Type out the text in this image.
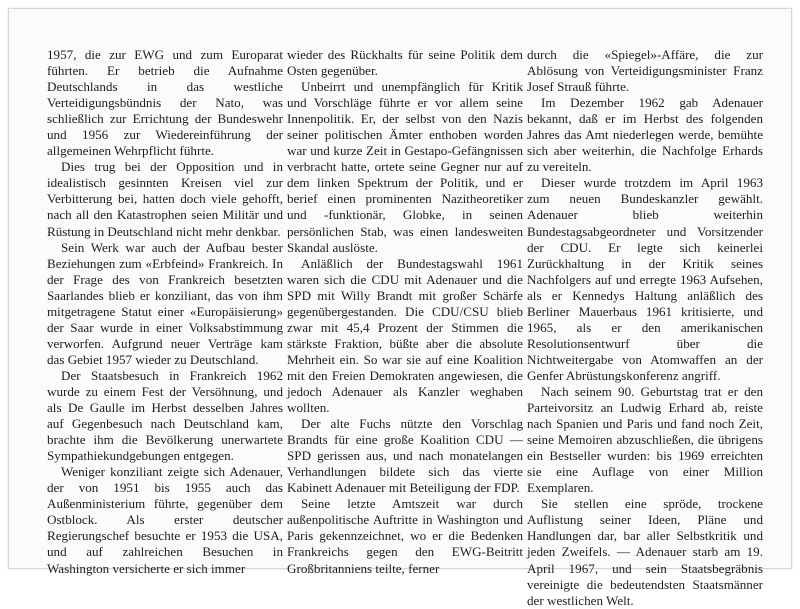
1957, die zur EWG und zum Europarat führten. Er betrieb die Aufnahme Deutschlands in das westliche Verteidigungsbündnis der Nato, was schließlich zur Errichtung der Bundeswehr und 1956 zur Wiedereinführung der allgemeinen Wehrpflicht führte.

Dies trug bei der Opposition und in idealistisch gesinnten Kreisen viel zur Verbitterung bei, hatten doch viele gehofft, nach all den Katastrophen seien Militär und Rüstung in Deutschland nicht mehr denkbar.

Sein Werk war auch der Aufbau bester Beziehungen zum «Erbfeind» Frankreich. In der Frage des von Frankreich besetzten Saarlandes blieb er konziliant, das von ihm mitgetragene Statut einer «Europäisierung» der Saar wurde in einer Volksabstimmung verworfen. Aufgrund neuer Verträge kam das Gebiet 1957 wieder zu Deutschland.

Der Staatsbesuch in Frankreich 1962 wurde zu einem Fest der Versöhnung, und als De Gaulle im Herbst desselben Jahres auf Gegenbesuch nach Deutschland kam, brachte ihm die Bevölkerung unerwartete Sympathiekundgebungen entgegen.

Weniger konziliant zeigte sich Adenauer, der von 1951 bis 1955 auch das Außenministerium führte, gegenüber dem Ostblock. Als erster deutscher Regierungschef besuchte er 1953 die USA, und auf zahlreichen Besuchen in Washington versicherte er sich immer

wieder des Rückhalts für seine Politik dem Osten gegenüber.

Unbeirrt und unempfänglich für Kritik und Vorschläge führte er vor allem seine Innenpolitik. Er, der selbst von den Nazis seiner politischen Ämter enthoben worden war und kurze Zeit in Gestapo-Gefängnissen verbracht hatte, ortete seine Gegner nur auf dem linken Spektrum der Politik, und er berief einen prominenten Nazitheoretiker und -funktionär, Globke, in seinen persönlichen Stab, was einen landesweiten Skandal auslöste.

Anläßlich der Bundestagswahl 1961 waren sich die CDU mit Adenauer und die SPD mit Willy Brandt mit großer Schärfe gegenübergestanden. Die CDU/CSU blieb zwar mit 45,4 Prozent der Stimmen die stärkste Fraktion, büßte aber die absolute Mehrheit ein. So war sie auf eine Koalition mit den Freien Demokraten angewiesen, die jedoch Adenauer als Kanzler weghaben wollten.

Der alte Fuchs nützte den Vorschlag Brandts für eine große Koalition CDU — SPD gerissen aus, und nach monatelangen Verhandlungen bildete sich das vierte Kabinett Adenauer mit Beteiligung der FDP.

Seine letzte Amtszeit war durch außenpolitische Auftritte in Washington und Paris gekennzeichnet, wo er die Bedenken Frankreichs gegen den EWG-Beitritt Großbritanniens teilte, ferner

durch die «Spiegel»-Affäre, die zur Ablösung von Verteidigungsminister Franz Josef Strauß führte.

Im Dezember 1962 gab Adenauer bekannt, daß er im Herbst des folgenden Jahres das Amt niederlegen werde, bemühte sich aber weiterhin, die Nachfolge Erhards zu vereiteln.

Dieser wurde trotzdem im April 1963 zum neuen Bundeskanzler gewählt. Adenauer blieb weiterhin Bundestagsabgeordneter und Vorsitzender der CDU. Er legte sich keinerlei Zurückhaltung in der Kritik seines Nachfolgers auf und erregte 1963 Aufsehen, als er Kennedys Haltung anläßlich des Berliner Mauerbaus 1961 kritisierte, und 1965, als er den amerikanischen Resolutionsentwurf über die Nichtweitergabe von Atomwaffen an der Genfer Abrüstungskonferenz angriff.

Nach seinem 90. Geburtstag trat er den Parteivorsitz an Ludwig Erhard ab, reiste nach Spanien und Paris und fand noch Zeit, seine Memoiren abzuschließen, die übrigens ein Bestseller wurden: bis 1969 erreichten sie eine Auflage von einer Million Exemplaren.

Sie stellen eine spröde, trockene Auflistung seiner Ideen, Pläne und Handlungen dar, bar aller Selbstkritik und jeden Zweifels. — Adenauer starb am 19. April 1967, und sein Staatsbegräbnis vereinigte die bedeutendsten Staatsmänner der westlichen Welt.
